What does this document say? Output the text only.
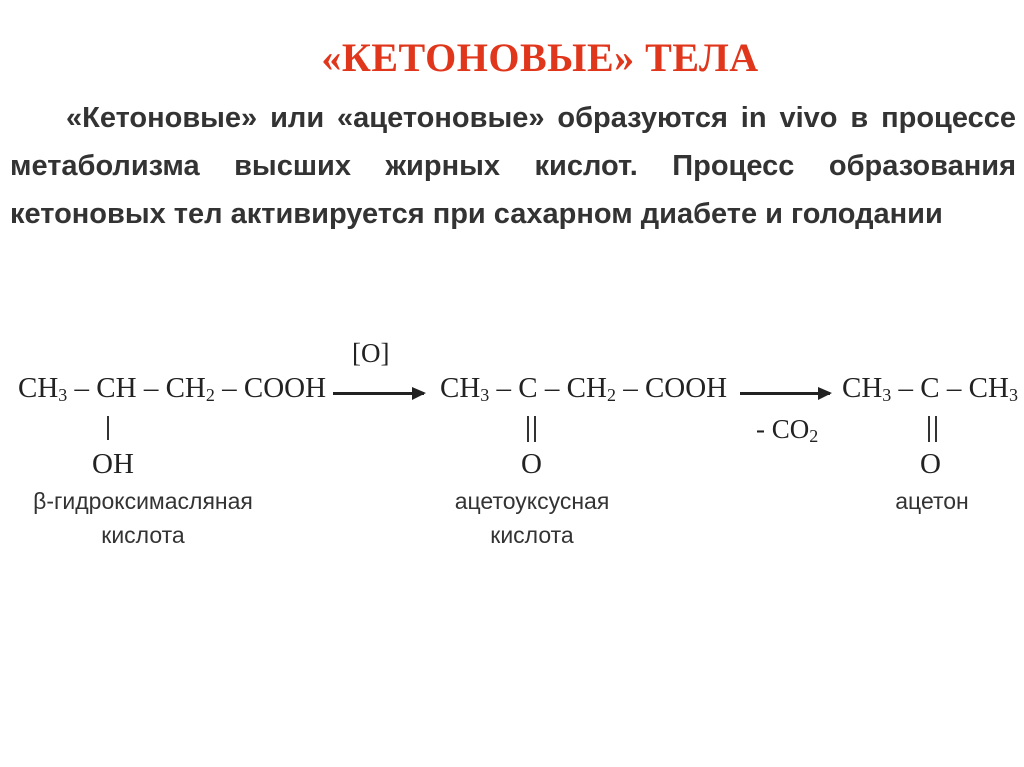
«КЕТОНОВЫЕ» ТЕЛА

«Кетоновые» или «ацетоновые» образуются in vivo в процессе метаболизма высших жирных кислот. Процесс образования кетоновых тел активируется при сахарном диабете и голодании

$CH_3$ – CH – $CH_2$ – COOH
OH
β-гидроксимасляная
кислота
[O]
$CH_3$ – C – $CH_2$ – COOH
O
ацетоуксусная
кислота
- $CO_2$
$CH_3$ – C – $CH_3$
O
ацетон
